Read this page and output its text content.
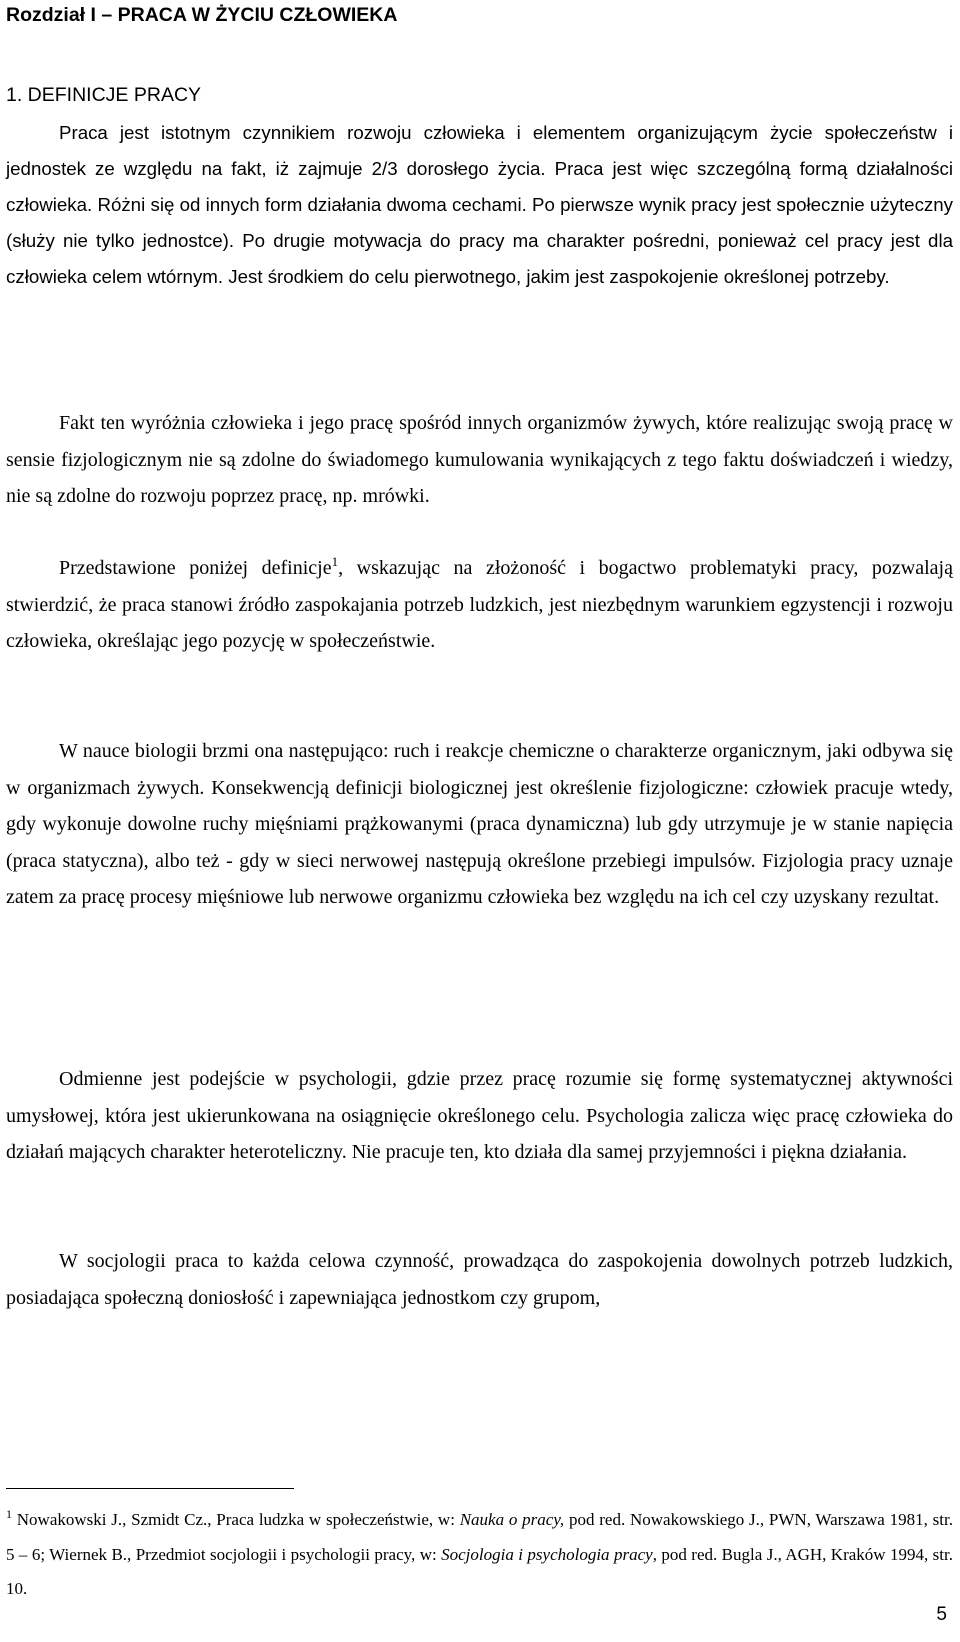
Rozdział I – PRACA W ŻYCIU CZŁOWIEKA
1. DEFINICJE PRACY

Praca jest istotnym czynnikiem rozwoju człowieka i elementem organizującym życie społeczeństw i jednostek ze względu na fakt, iż zajmuje 2/3 dorosłego życia. Praca jest więc szczególną formą działalności człowieka. Różni się od innych form działania dwoma cechami. Po pierwsze wynik pracy jest społecznie użyteczny (służy nie tylko jednostce). Po drugie motywacja do pracy ma charakter pośredni, ponieważ cel pracy jest dla człowieka celem wtórnym. Jest środkiem do celu pierwotnego, jakim jest zaspokojenie określonej potrzeby.

Fakt ten wyróżnia człowieka i jego pracę spośród innych organizmów żywych, które realizując swoją pracę w sensie fizjologicznym nie są zdolne do świadomego kumulowania wynikających z tego faktu doświadczeń i wiedzy, nie są zdolne do rozwoju poprzez pracę, np. mrówki.

Przedstawione poniżej definicje$^1$, wskazując na złożoność i bogactwo problematyki pracy, pozwalają stwierdzić, że praca stanowi źródło zaspokajania potrzeb ludzkich, jest niezbędnym warunkiem egzystencji i rozwoju człowieka, określając jego pozycję w społeczeństwie.

W nauce biologii brzmi ona następująco: ruch i reakcje chemiczne o charakterze organicznym, jaki odbywa się w organizmach żywych. Konsekwencją definicji biologicznej jest określenie fizjologiczne: człowiek pracuje wtedy, gdy wykonuje dowolne ruchy mięśniami prążkowanymi (praca dynamiczna) lub gdy utrzymuje je w stanie napięcia (praca statyczna), albo też - gdy w sieci nerwowej następują określone przebiegi impulsów. Fizjologia pracy uznaje zatem za pracę procesy mięśniowe lub nerwowe organizmu człowieka bez względu na ich cel czy uzyskany rezultat.

Odmienne jest podejście w psychologii, gdzie przez pracę rozumie się formę systematycznej aktywności umysłowej, która jest ukierunkowana na osiągnięcie określonego celu. Psychologia zalicza więc pracę człowieka do działań mających charakter heteroteliczny. Nie pracuje ten, kto działa dla samej przyjemności i piękna działania.

W socjologii praca to każda celowa czynność, prowadząca do zaspokojenia dowolnych potrzeb ludzkich, posiadająca społeczną doniosłość i zapewniająca jednostkom czy grupom,

$^1$ Nowakowski J., Szmidt Cz., Praca ludzka w społeczeństwie, w: Nauka o pracy, pod red. Nowakowskiego J., PWN, Warszawa 1981, str. 5 – 6; Wiernek B., Przedmiot socjologii i psychologii pracy, w: Socjologia i psychologia pracy, pod red. Bugla J., AGH, Kraków 1994, str. 10.

5
